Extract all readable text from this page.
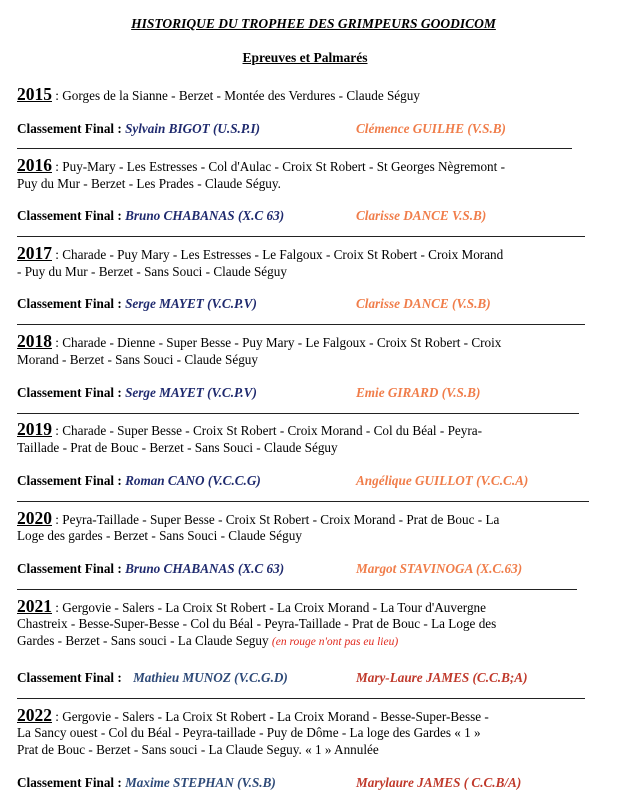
HISTORIQUE DU TROPHEE DES GRIMPEURS GOODICOM
Epreuves et Palmarés
2015 : Gorges de la Sianne - Berzet - Montée des Verdures - Claude Séguy
Classement Final : Sylvain BIGOT (U.S.P.I)	Clémence GUILHE (V.S.B)
2016 : Puy-Mary - Les Estresses - Col d'Aulac - Croix St Robert - St Georges Nègremont -
Puy du Mur - Berzet - Les Prades - Claude Séguy.
Classement Final : Bruno CHABANAS (X.C 63)	Clarisse DANCE V.S.B)
2017 : Charade - Puy Mary - Les Estresses - Le Falgoux - Croix St Robert - Croix Morand
- Puy du Mur - Berzet - Sans Souci - Claude Séguy
Classement Final : Serge MAYET (V.C.P.V)	Clarisse DANCE (V.S.B)
2018 : Charade - Dienne - Super Besse - Puy Mary - Le Falgoux - Croix St Robert - Croix
Morand - Berzet - Sans Souci - Claude Séguy
Classement Final : Serge MAYET (V.C.P.V)	Emie GIRARD (V.S.B)
2019 : Charade - Super Besse - Croix St Robert - Croix Morand - Col du Béal - Peyra-
Taillade - Prat de Bouc - Berzet - Sans Souci - Claude Séguy
Classement Final : Roman CANO (V.C.C.G)	Angélique GUILLOT (V.C.C.A)
2020 : Peyra-Taillade - Super Besse - Croix St Robert - Croix Morand - Prat de Bouc - La
Loge des gardes - Berzet - Sans Souci - Claude Séguy
Classement Final : Bruno CHABANAS (X.C 63)	Margot STAVINOGA (X.C.63)
2021 : Gergovie - Salers - La Croix St Robert - La Croix Morand - La Tour d'Auvergne
Chastreix - Besse-Super-Besse - Col du Béal - Peyra-Taillade - Prat de Bouc - La Loge des
Gardes - Berzet - Sans souci - La Claude Seguy (en rouge n'ont pas eu lieu)
Classement Final : Mathieu MUNOZ (V.C.G.D)	Mary-Laure JAMES (C.C.B;A)
2022 : Gergovie - Salers - La Croix St Robert - La Croix Morand - Besse-Super-Besse -
La Sancy ouest - Col du Béal - Peyra-taillade - Puy de Dôme - La loge des Gardes « 1 »
Prat de Bouc - Berzet - Sans souci - La Claude Seguy. « 1 » Annulée
Classement Final : Maxime STEPHAN (V.S.B)	Marylaure JAMES ( C.C.B/A)
